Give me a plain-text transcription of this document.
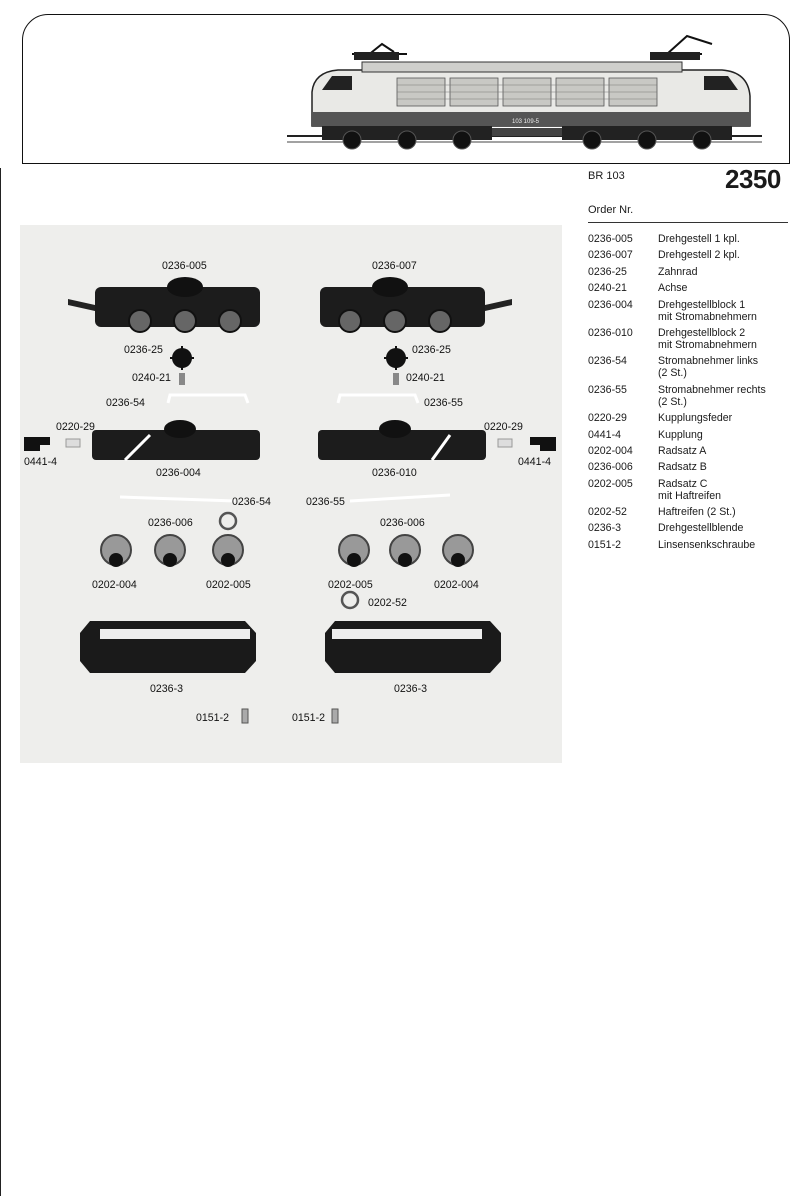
103 109-5
BR 103	2350
Order Nr.
0236-005	Drehgestell 1 kpl.
0236-007	Drehgestell 2 kpl.
0236-25	Zahnrad
0240-21	Achse
0236-004	Drehgestellblock 1
mit Stromabnehmern
0236-010	Drehgestellblock 2
mit Stromabnehmern
0236-54	Stromabnehmer links
(2 St.)
0236-55	Stromabnehmer rechts
(2 St.)
0220-29	Kupplungsfeder
0441-4	Kupplung
0202-004	Radsatz A
0236-006	Radsatz B
0202-005	Radsatz C
mit Haftreifen
0202-52	Haftreifen (2 St.)
0236-3	Drehgestellblende
0151-2	Linsensenkschraube
0236-005	0236-007
0236-25	0236-25
0240-21	0240-21
0236-54	0236-55
0220-29	0220-29
0441-4	0441-4
0236-004	0236-010
0236-54	0236-55
0236-006	0236-006
0202-004	0202-005	0202-005	0202-004
0202-52
0236-3	0236-3
0151-2	0151-2
